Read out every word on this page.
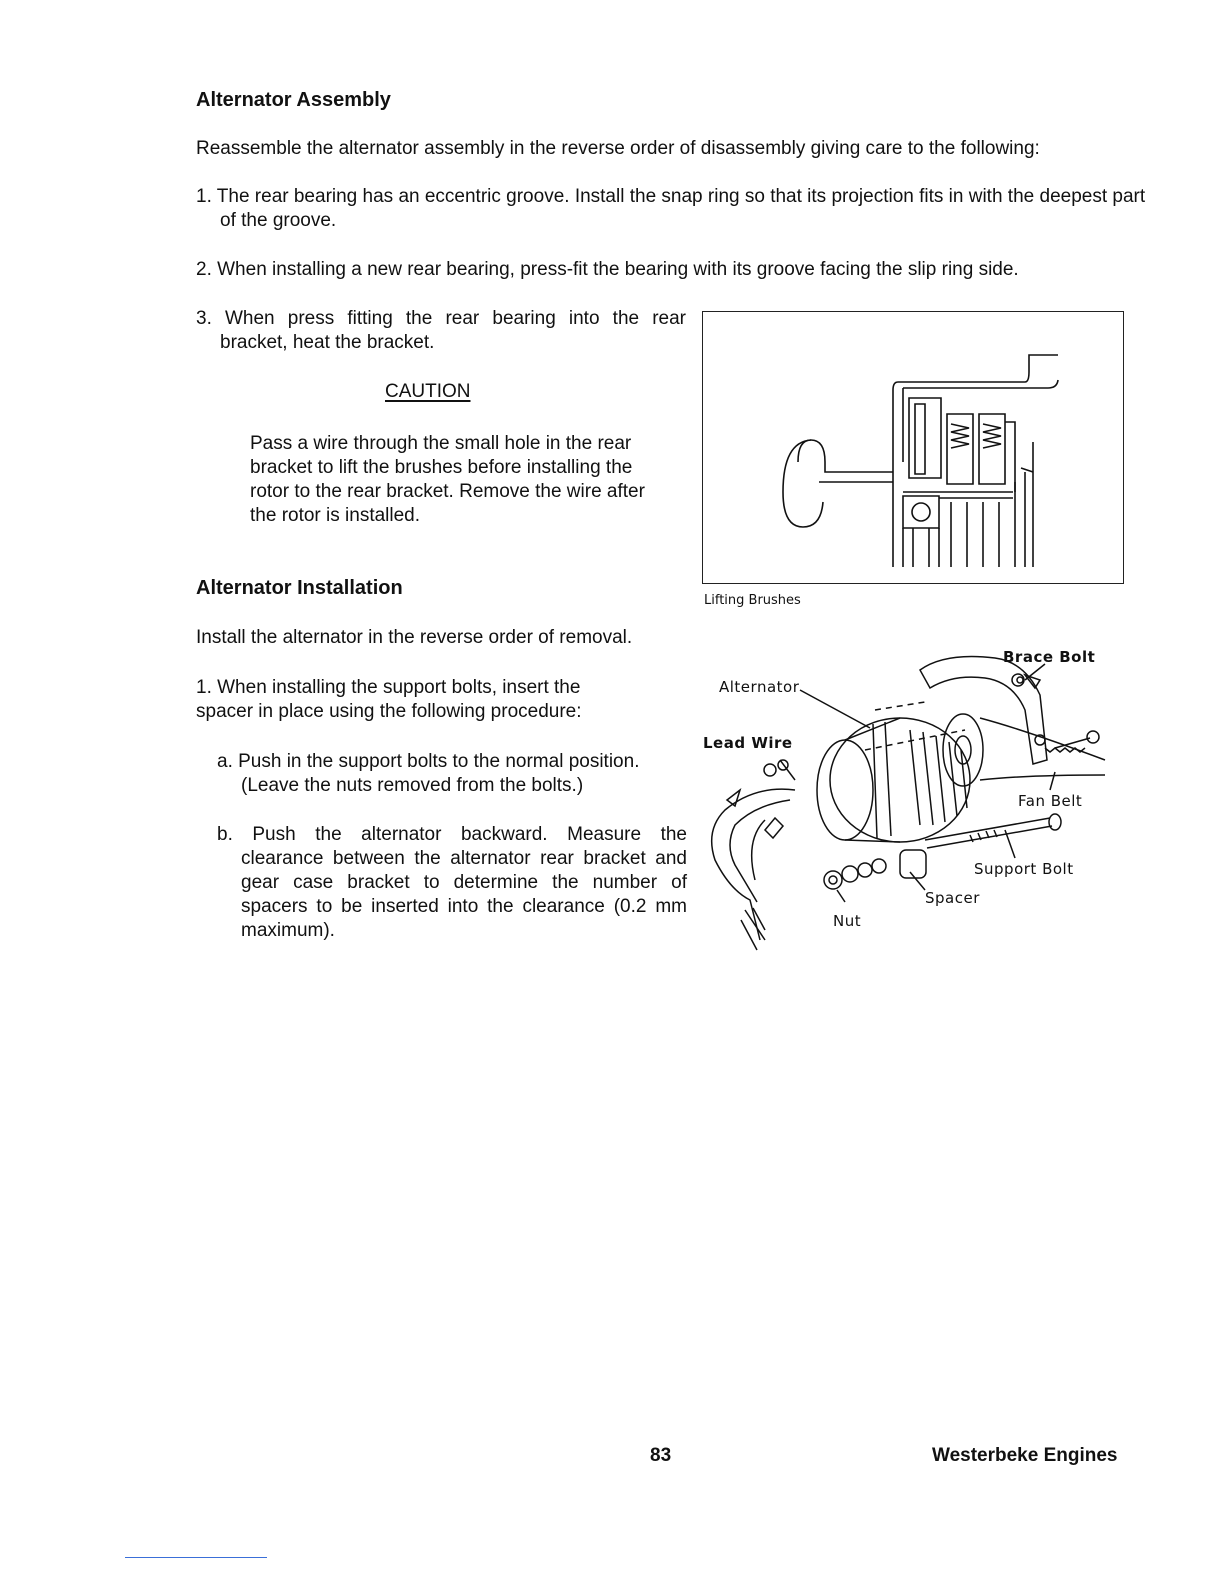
Alternator Assembly
Reassemble the alternator assembly in the reverse order of disassembly giving care to the following:
1. The rear bearing has an eccentric groove. Install the snap ring so that its projection fits in with the deepest part of the groove.
2. When installing a new rear bearing, press-fit the bearing with its groove facing the slip ring side.
3. When press fitting the rear bearing into the rear bracket, heat the bracket.
CAUTION
Pass a wire through the small hole in the rear bracket to lift the brushes before installing the rotor to the rear bracket. Remove the wire after the rotor is installed.
Lifting Brushes
Alternator Installation
Install the alternator in the reverse order of removal.
1. When installing the support bolts, insert the spacer in place using the following procedure:
a. Push in the support bolts to the normal position. (Leave the nuts removed from the bolts.)
b. Push the alternator backward. Measure the clearance between the alternator rear bracket and gear case bracket to determine the number of spacers to be inserted into the clearance (0.2 mm maximum).
Brace Bolt
Alternator
Lead Wire
Fan Belt
Support Bolt
Spacer
Nut
83	Westerbeke Engines
